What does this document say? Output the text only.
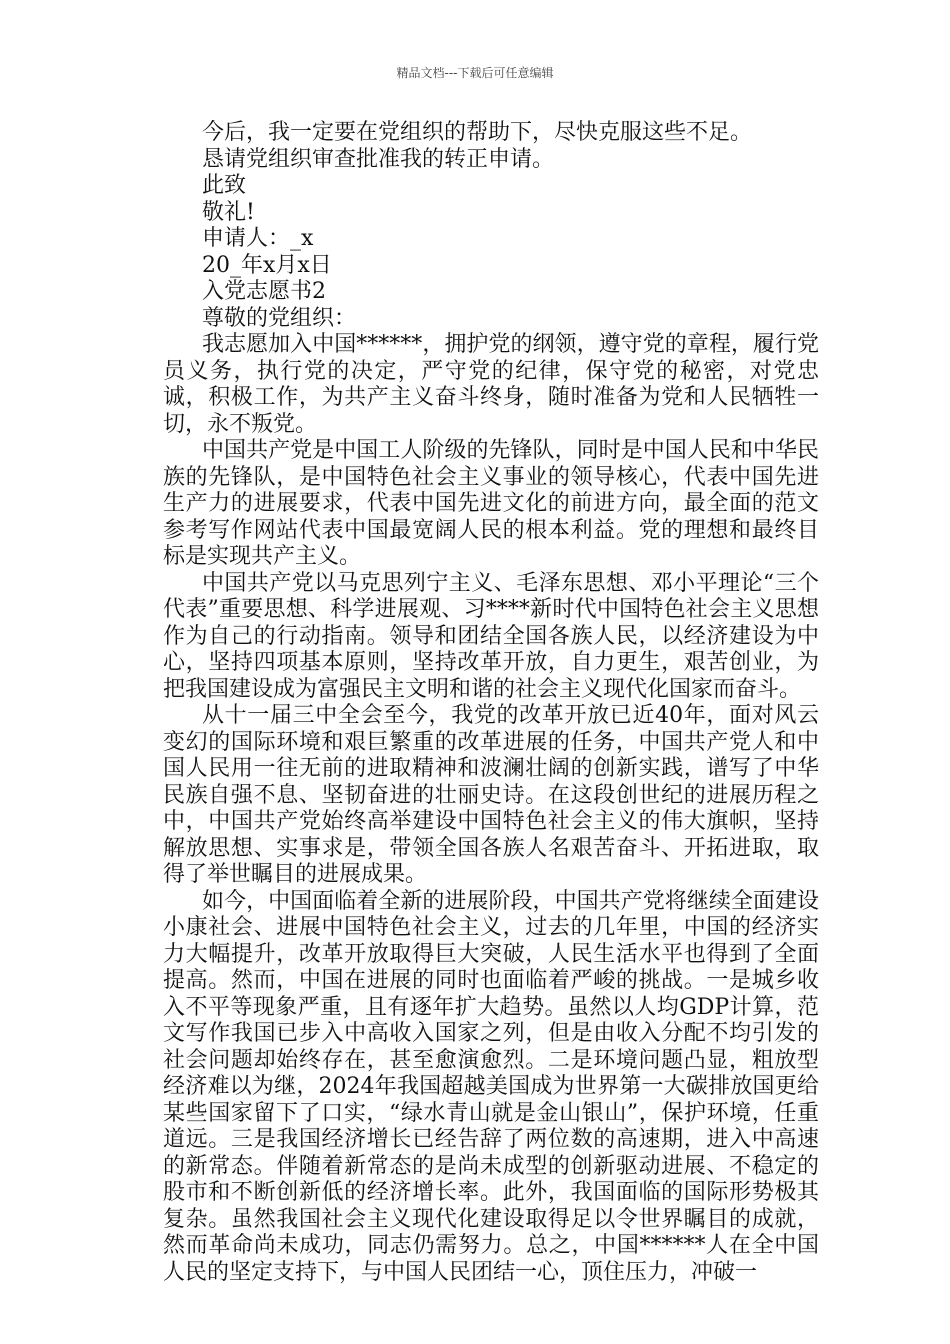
精品文档---下载后可任意编辑
今后，我一定要在党组织的帮助下，尽快克服这些不足。
恳请党组织审查批准我的转正申请。
此致
敬礼!
申请人：_x
20_年x月x日
入党志愿书2
尊敬的党组织：

我志愿加入中国******，拥护党的纲领，遵守党的章程，履行党员义务，执行党的决定，严守党的纪律，保守党的秘密，对党忠诚，积极工作，为共产主义奋斗终身，随时准备为党和人民牺牲一切，永不叛党。

中国共产党是中国工人阶级的先锋队，同时是中国人民和中华民族的先锋队，是中国特色社会主义事业的领导核心，代表中国先进生产力的进展要求，代表中国先进文化的前进方向，最全面的范文参考写作网站代表中国最宽阔人民的根本利益。党的理想和最终目标是实现共产主义。

中国共产党以马克思列宁主义、毛泽东思想、邓小平理论“三个代表”重要思想、科学进展观、习****新时代中国特色社会主义思想作为自己的行动指南。领导和团结全国各族人民，以经济建设为中心，坚持四项基本原则，坚持改革开放，自力更生，艰苦创业，为把我国建设成为富强民主文明和谐的社会主义现代化国家而奋斗。

从十一届三中全会至今，我党的改革开放已近40年，面对风云变幻的国际环境和艰巨繁重的改革进展的任务，中国共产党人和中国人民用一往无前的进取精神和波澜壮阔的创新实践，谱写了中华民族自强不息、坚韧奋进的壮丽史诗。在这段创世纪的进展历程之中，中国共产党始终高举建设中国特色社会主义的伟大旗帜，坚持解放思想、实事求是，带领全国各族人名艰苦奋斗、开拓进取，取得了举世瞩目的进展成果。

如今，中国面临着全新的进展阶段，中国共产党将继续全面建设小康社会、进展中国特色社会主义，过去的几年里，中国的经济实力大幅提升，改革开放取得巨大突破，人民生活水平也得到了全面提高。然而，中国在进展的同时也面临着严峻的挑战。一是城乡收入不平等现象严重，且有逐年扩大趋势。虽然以人均GDP计算，范文写作我国已步入中高收入国家之列，但是由收入分配不均引发的社会问题却始终存在，甚至愈演愈烈。二是环境问题凸显，粗放型经济难以为继，2024年我国超越美国成为世界第一大碳排放国更给某些国家留下了口实，“绿水青山就是金山银山”，保护环境，任重道远。三是我国经济增长已经告辞了两位数的高速期，进入中高速的新常态。伴随着新常态的是尚未成型的创新驱动进展、不稳定的股市和不断创新低的经济增长率。此外，我国面临的国际形势极其复杂。虽然我国社会主义现代化建设取得足以令世界瞩目的成就，然而革命尚未成功，同志仍需努力。总之，中国******人在全中国人民的坚定支持下，与中国人民团结一心，顶住压力，冲破一
